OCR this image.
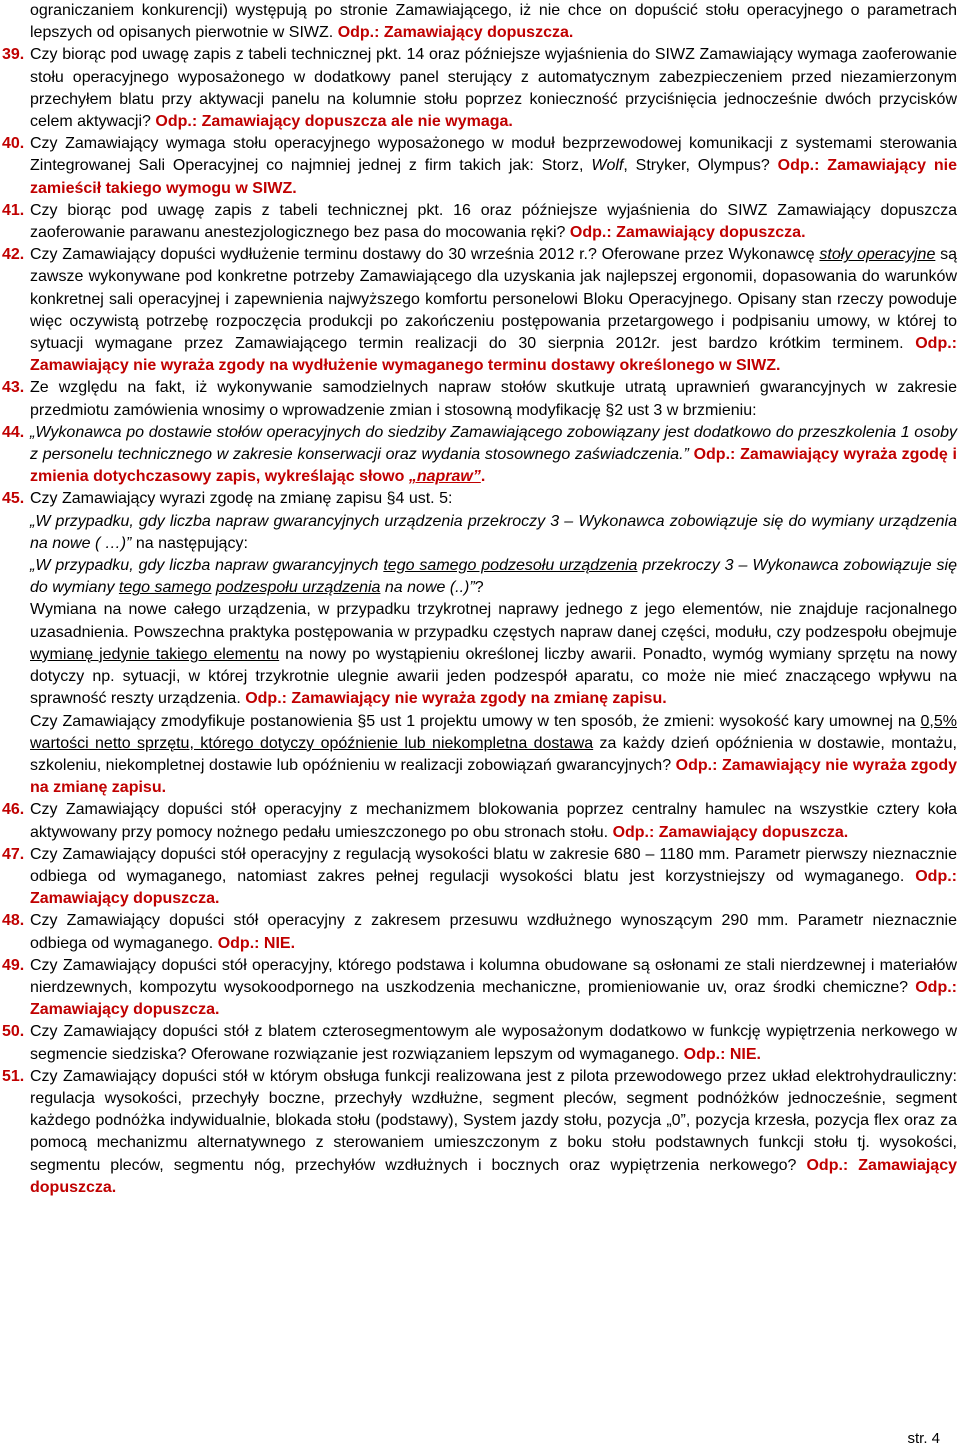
ograniczaniem konkurencji) występują po stronie Zamawiającego, iż nie chce on dopuścić stołu operacyjnego o parametrach lepszych od opisanych pierwotnie w SIWZ. Odp.: Zamawiający dopuszcza.

39. Czy biorąc pod uwagę zapis z tabeli technicznej pkt. 14 oraz późniejsze wyjaśnienia do SIWZ Zamawiający wymaga zaoferowanie stołu operacyjnego wyposażonego w dodatkowy panel sterujący z automatycznym zabezpieczeniem przed niezamierzonym przechyłem blatu przy aktywacji panelu na kolumnie stołu poprzez konieczność przyciśnięcia jednocześnie dwóch przycisków celem aktywacji? Odp.: Zamawiający dopuszcza ale nie wymaga.
40. Czy Zamawiający wymaga stołu operacyjnego wyposażonego w moduł bezprzewodowej komunikacji z systemami sterowania Zintegrowanej Sali Operacyjnej co najmniej jednej z firm takich jak: Storz, Wolf, Stryker, Olympus? Odp.: Zamawiający nie zamieścił takiego wymogu w SIWZ.
41. Czy biorąc pod uwagę zapis z tabeli technicznej pkt. 16 oraz późniejsze wyjaśnienia do SIWZ Zamawiający dopuszcza zaoferowanie parawanu anestezjologicznego bez pasa do mocowania ręki? Odp.: Zamawiający dopuszcza.
42. Czy Zamawiający dopuści wydłużenie terminu dostawy do 30 września 2012 r.? Oferowane przez Wykonawcę stoły operacyjne są zawsze wykonywane pod konkretne potrzeby Zamawiającego dla uzyskania jak najlepszej ergonomii, dopasowania do warunków konkretnej sali operacyjnej i zapewnienia najwyższego komfortu personelowi Bloku Operacyjnego. Opisany stan rzeczy powoduje więc oczywistą potrzebę rozpoczęcia produkcji po zakończeniu postępowania przetargowego i podpisaniu umowy, w której to sytuacji wymagane przez Zamawiającego termin realizacji do 30 sierpnia 2012r. jest bardzo krótkim terminem. Odp.: Zamawiający nie wyraża zgody na wydłużenie wymaganego terminu dostawy określonego w SIWZ.
43. Ze względu na fakt, iż wykonywanie samodzielnych napraw stołów skutkuje utratą uprawnień gwarancyjnych w zakresie przedmiotu zamówienia wnosimy o wprowadzenie zmian i stosowną modyfikację §2 ust 3 w brzmieniu:
44. „Wykonawca po dostawie stołów operacyjnych do siedziby Zamawiającego zobowiązany jest dodatkowo do przeszkolenia 1 osoby z personelu technicznego w zakresie konserwacji oraz wydania stosownego zaświadczenia.” Odp.: Zamawiający wyraża zgodę i zmienia dotychczasowy zapis, wykreślając słowo „napraw”.
45. Czy Zamawiający wyrazi zgodę na zmianę zapisu §4 ust. 5:

„W przypadku, gdy liczba napraw gwarancyjnych urządzenia przekroczy 3 – Wykonawca zobowiązuje się do wymiany urządzenia na nowe ( …)” na następujący:

„W przypadku, gdy liczba napraw gwarancyjnych tego samego podzesołu urządzenia przekroczy 3 – Wykonawca zobowiązuje się do wymiany tego samego podzespołu urządzenia na nowe (..)”?

Wymiana na nowe całego urządzenia, w przypadku trzykrotnej naprawy jednego z jego elementów, nie znajduje racjonalnego uzasadnienia. Powszechna praktyka postępowania w przypadku częstych napraw danej części, modułu, czy podzespołu obejmuje wymianę jedynie takiego elementu na nowy po wystąpieniu określonej liczby awarii. Ponadto, wymóg wymiany sprzętu na nowy dotyczy np. sytuacji, w której trzykrotnie ulegnie awarii jeden podzespół aparatu, co może nie mieć znaczącego wpływu na sprawność reszty urządzenia. Odp.: Zamawiający nie wyraża zgody na zmianę zapisu.

Czy Zamawiający zmodyfikuje postanowienia §5 ust 1 projektu umowy w ten sposób, że zmieni: wysokość kary umownej na 0,5% wartości netto sprzętu, którego dotyczy opóźnienie lub niekompletna dostawa za każdy dzień opóźnienia w dostawie, montażu, szkoleniu, niekompletnej dostawie lub opóźnieniu w realizacji zobowiązań gwarancyjnych? Odp.: Zamawiający nie wyraża zgody na zmianę zapisu.

46. Czy Zamawiający dopuści stół operacyjny z mechanizmem blokowania poprzez centralny hamulec na wszystkie cztery koła aktywowany przy pomocy nożnego pedału umieszczonego po obu stronach stołu. Odp.: Zamawiający dopuszcza.
47. Czy Zamawiający dopuści stół operacyjny z regulacją wysokości blatu w zakresie 680 – 1180 mm. Parametr pierwszy nieznacznie odbiega od wymaganego, natomiast zakres pełnej regulacji wysokości blatu jest korzystniejszy od wymaganego. Odp.: Zamawiający dopuszcza.
48. Czy Zamawiający dopuści stół operacyjny z zakresem przesuwu wzdłużnego wynoszącym 290 mm. Parametr nieznacznie odbiega od wymaganego. Odp.: NIE.
49. Czy Zamawiający dopuści stół operacyjny, którego podstawa i kolumna obudowane są osłonami ze stali nierdzewnej i materiałów nierdzewnych, kompozytu wysokoodpornego na uszkodzenia mechaniczne, promieniowanie uv, oraz środki chemiczne? Odp.: Zamawiający dopuszcza.
50. Czy Zamawiający dopuści stół z blatem czterosegmentowym ale wyposażonym dodatkowo w funkcję wypiętrzenia nerkowego w segmencie siedziska? Oferowane rozwiązanie jest rozwiązaniem lepszym od wymaganego. Odp.: NIE.
51. Czy Zamawiający dopuści stół w którym obsługa funkcji realizowana jest z pilota przewodowego przez układ elektrohydrauliczny: regulacja wysokości, przechyły boczne, przechyły wzdłużne, segment pleców, segment podnóżków jednocześnie, segment każdego podnóżka indywidualnie, blokada stołu (podstawy), System jazdy stołu, pozycja „0”, pozycja krzesła, pozycja flex oraz za pomocą mechanizmu alternatywnego z sterowaniem umieszczonym z boku stołu podstawnych funkcji stołu tj. wysokości, segmentu pleców, segmentu nóg, przechyłów wzdłużnych i bocznych oraz wypiętrzenia nerkowego? Odp.: Zamawiający dopuszcza.
str. 4
